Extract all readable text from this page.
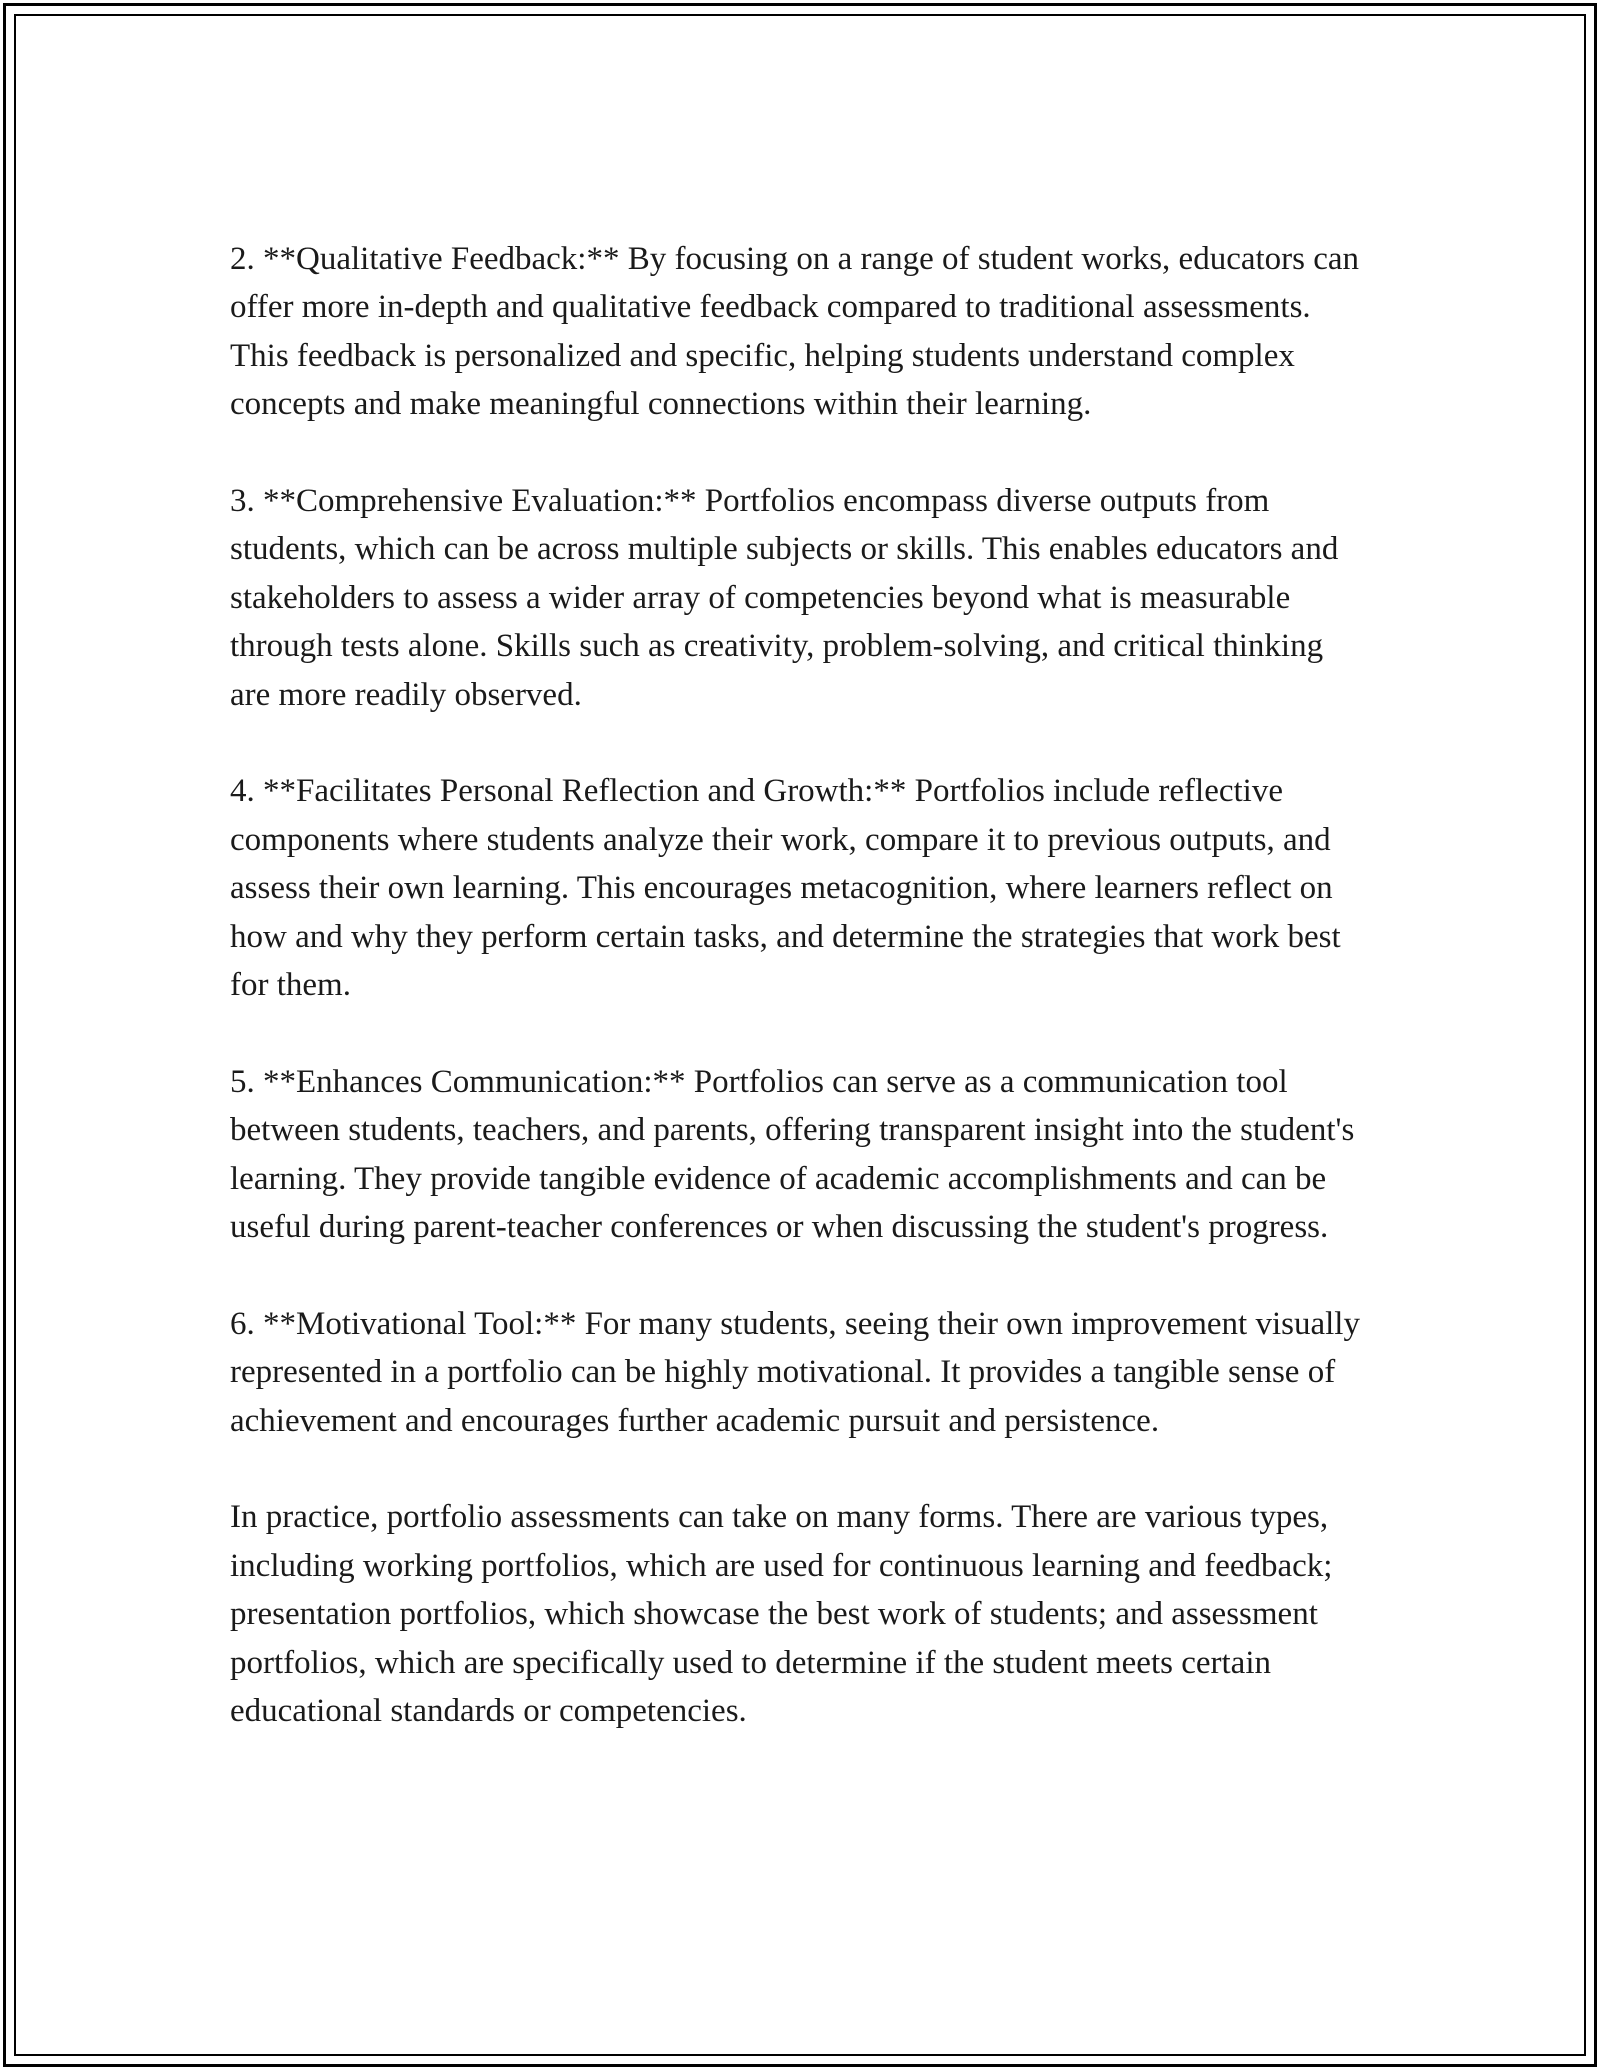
2. **Qualitative Feedback:** By focusing on a range of student works, educators can offer more in-depth and qualitative feedback compared to traditional assessments. This feedback is personalized and specific, helping students understand complex concepts and make meaningful connections within their learning.

3. **Comprehensive Evaluation:** Portfolios encompass diverse outputs from students, which can be across multiple subjects or skills. This enables educators and stakeholders to assess a wider array of competencies beyond what is measurable through tests alone. Skills such as creativity, problem-solving, and critical thinking are more readily observed.

4. **Facilitates Personal Reflection and Growth:** Portfolios include reflective components where students analyze their work, compare it to previous outputs, and assess their own learning. This encourages metacognition, where learners reflect on how and why they perform certain tasks, and determine the strategies that work best for them.

5. **Enhances Communication:** Portfolios can serve as a communication tool between students, teachers, and parents, offering transparent insight into the student's learning. They provide tangible evidence of academic accomplishments and can be useful during parent-teacher conferences or when discussing the student's progress.

6. **Motivational Tool:** For many students, seeing their own improvement visually represented in a portfolio can be highly motivational. It provides a tangible sense of achievement and encourages further academic pursuit and persistence.

In practice, portfolio assessments can take on many forms. There are various types, including working portfolios, which are used for continuous learning and feedback; presentation portfolios, which showcase the best work of students; and assessment portfolios, which are specifically used to determine if the student meets certain educational standards or competencies.
